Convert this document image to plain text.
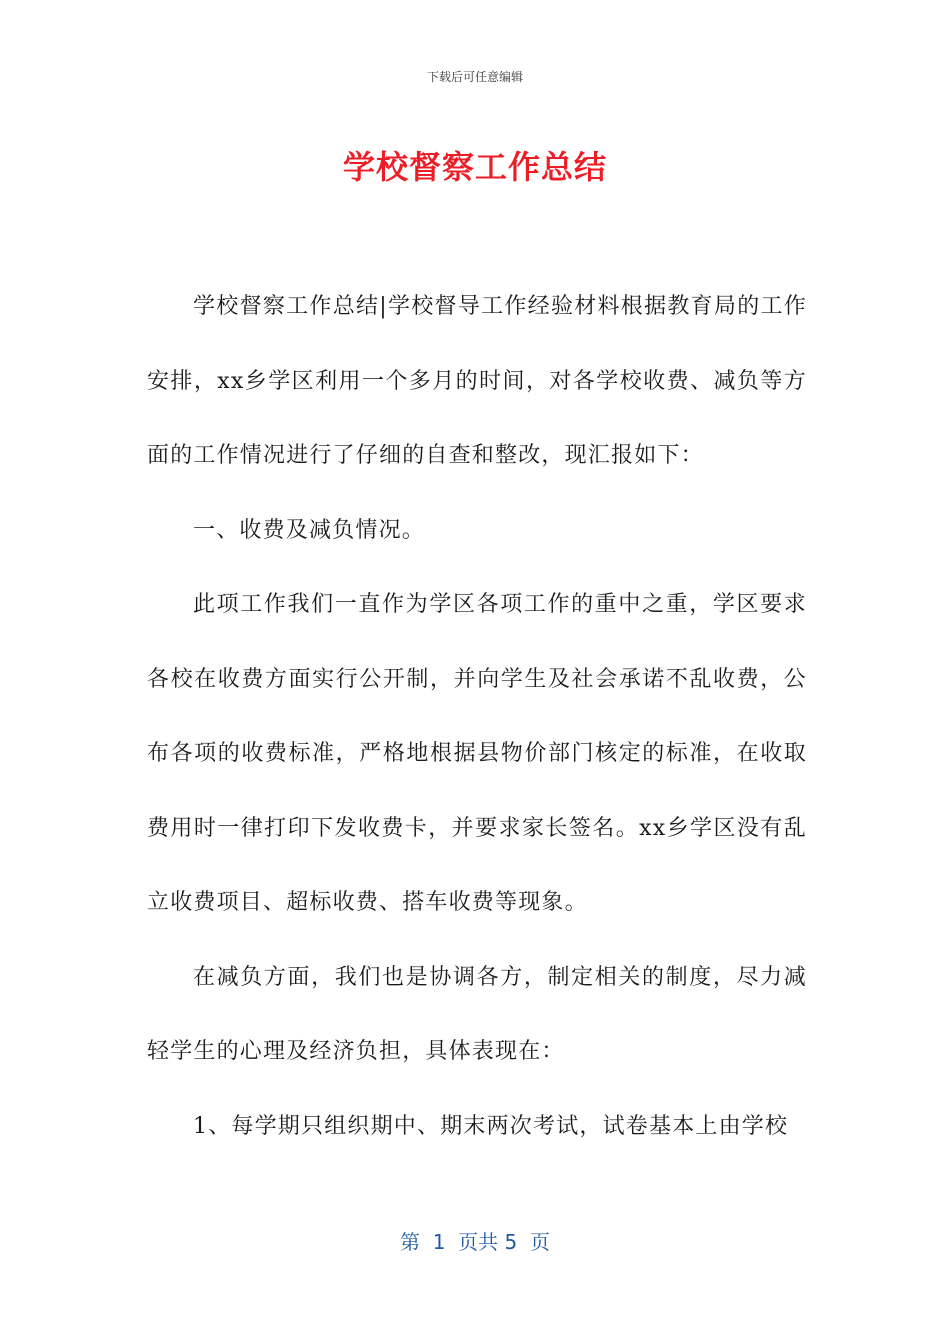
下载后可任意编辑
学校督察工作总结

学校督察工作总结|学校督导工作经验材料根据教育局的工作安排，xx乡学区利用一个多月的时间，对各学校收费、减负等方面的工作情况进行了仔细的自查和整改，现汇报如下：

一、收费及减负情况。

此项工作我们一直作为学区各项工作的重中之重，学区要求各校在收费方面实行公开制，并向学生及社会承诺不乱收费，公布各项的收费标准，严格地根据县物价部门核定的标准，在收取费用时一律打印下发收费卡，并要求家长签名。xx乡学区没有乱立收费项目、超标收费、搭车收费等现象。

在减负方面，我们也是协调各方，制定相关的制度，尽力减轻学生的心理及经济负担，具体表现在：

1、每学期只组织期中、期末两次考试，试卷基本上由学校

第  1  页共 5  页
